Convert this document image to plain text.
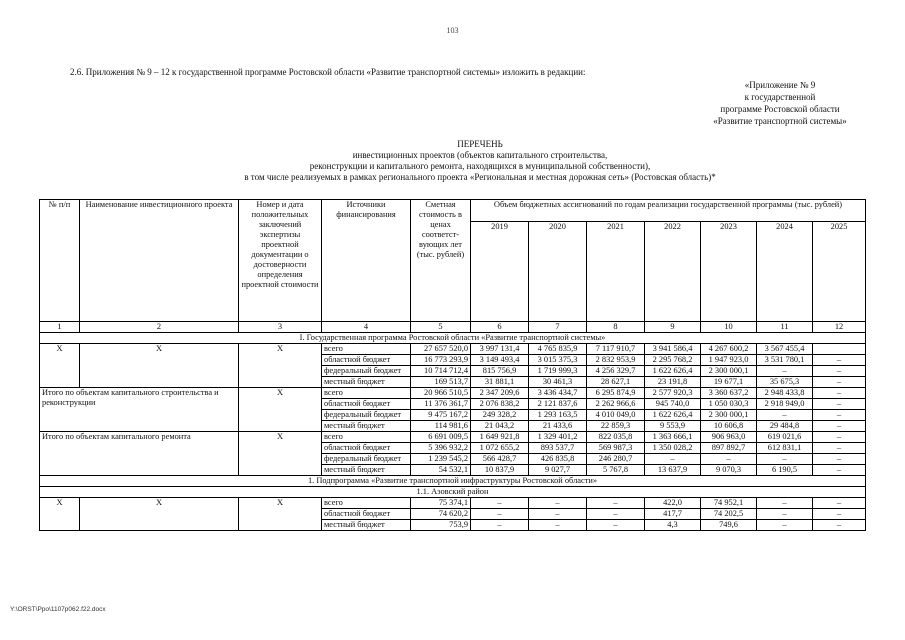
103
2.6. Приложения № 9 – 12 к государственной программе Ростовской области «Развитие транспортной системы» изложить в редакции:
«Приложение № 9
к государственной
программе Ростовской области
«Развитие транспортной системы»
ПЕРЕЧЕНЬ
инвестиционных проектов (объектов капитального строительства,
реконструкции и капитального ремонта, находящихся в муниципальной собственности),
в том числе реализуемых в рамках регионального проекта «Региональная и местная дорожная сеть» (Ростовская область)*
№ п/п	Наименование инвестиционного проекта	Номер и дата положительных заключений экспертизы проектной документации о достоверности определения проектной стоимости	Источники финансирования	Сметная стоимость в ценах соответст-вующих лет (тыс. рублей)	Объем бюджетных ассигнований по годам реализации государственной программы (тыс. рублей)						
					2019	2020	2021	2022	2023	2024	2025
1	2	3	4	5	6	7	8	9	10	11	12
I. Государственная программа Ростовской области «Развитие транспортной системы»											
Х	Х	Х	всего	27 657 520,0	3 997 131,4	4 765 835,9	7 117 910,7	3 941 586,4	4 267 600,2	3 567 455,4	
			областной бюджет	16 773 293,9	3 149 493,4	3 015 375,3	2 832 953,9	2 295 768,2	1 947 923,0	3 531 780,1	–
			федеральный бюджет	10 714 712,4	815 756,9	1 719 999,3	4 256 329,7	1 622 626,4	2 300 000,1	–	–
			местный бюджет	169 513,7	31 881,1	30 461,3	28 627,1	23 191,8	19 677,1	35 675,3	–
Итого по объектам капитального строительства и реконструкции		Х	всего	20 966 510,5	2 347 209,6	3 436 434,7	6 295 874,9	2 577 920,3	3 360 637,2	2 948 433,8	–
			областной бюджет	11 376 361,7	2 076 838,2	2 121 837,6	2 262 966,6	945 740,0	1 050 030,3	2 918 949,0	–
			федеральный бюджет	9 475 167,2	249 328,2	1 293 163,5	4 010 049,0	1 622 626,4	2 300 000,1	–	–
			местный бюджет	114 981,6	21 043,2	21 433,6	22 859,3	9 553,9	10 606,8	29 484,8	–
Итого по объектам капитального ремонта		Х	всего	6 691 009,5	1 649 921,8	1 329 401,2	822 035,8	1 363 666,1	906 963,0	619 021,6	–
			областной бюджет	5 396 932,2	1 072 655,2	893 537,7	569 987,3	1 350 028,2	897 892,7	612 831,1	–
			федеральный бюджет	1 239 545,2	566 428,7	426 835,8	246 280,7	–	–	–	–
			местный бюджет	54 532,1	10 837,9	9 027,7	5 767,8	13 637,9	9 070,3	6 190,5	–
1. Подпрограмма «Развитие транспортной инфраструктуры Ростовской области»											
1.1. Азовский район											
Х	Х	Х	всего	75 374,1	–	–	–	422,0	74 952,1	–	–
			областной бюджет	74 620,2	–	–	–	417,7	74 202,5	–	–
			местный бюджет	753,9	–	–	–	4,3	749,6	–	–
Y:\ORST\Ppo\1107p062.f22.docx
